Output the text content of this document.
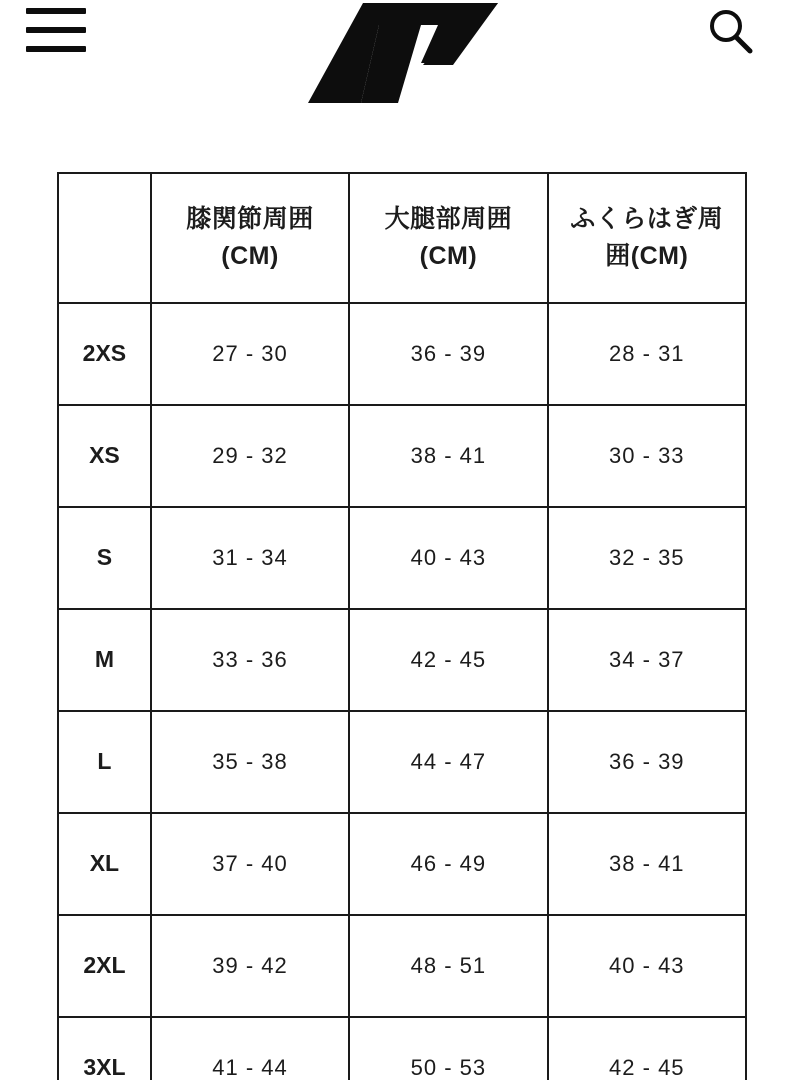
	膝関節周囲(CM)	大腿部周囲(CM)	ふくらはぎ周囲(CM)
2XS	27 - 30	36 - 39	28 - 31
XS	29 - 32	38 - 41	30 - 33
S	31 - 34	40 - 43	32 - 35
M	33 - 36	42 - 45	34 - 37
L	35 - 38	44 - 47	36 - 39
XL	37 - 40	46 - 49	38 - 41
2XL	39 - 42	48 - 51	40 - 43
3XL	41 - 44	50 - 53	42 - 45
